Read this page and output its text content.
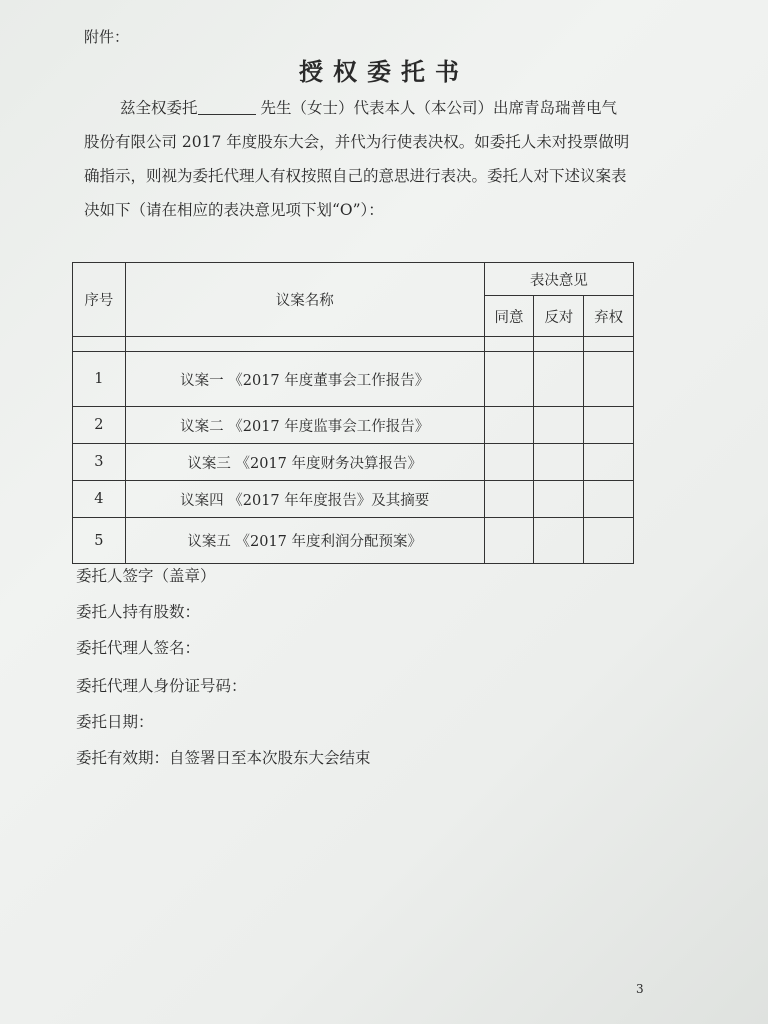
附件：
授权委托书
兹全权委托	先生（女士）代表本人（本公司）出席青岛瑞普电气
股份有限公司 2017 年度股东大会，并代为行使表决权。如委托人未对投票做明
确指示，则视为委托代理人有权按照自己的意思进行表决。委托人对下述议案表
决如下（请在相应的表决意见项下划“O”）：
序号	议案名称	表决意见		
		同意	反对	弃权

1	议案一 《2017 年度董事会工作报告》			
2	议案二 《2017 年度监事会工作报告》			
3	议案三 《2017 年度财务决算报告》			
4	议案四 《2017 年年度报告》及其摘要			
5	议案五 《2017 年度利润分配预案》			
委托人签字（盖章）
委托人持有股数：
委托代理人签名：
委托代理人身份证号码：
委托日期：
委托有效期：自签署日至本次股东大会结束
3
